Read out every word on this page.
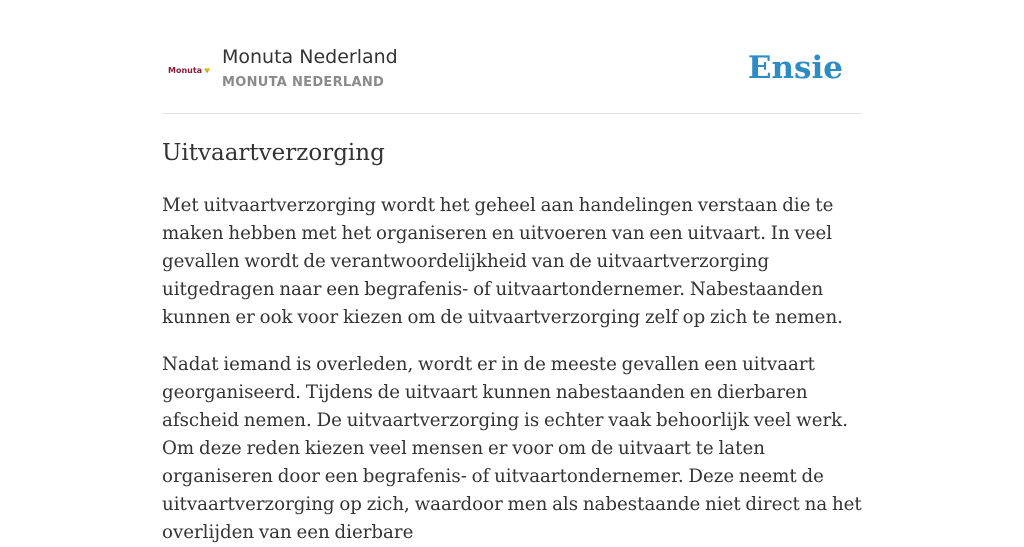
Monuta
Monuta Nederland
MONUTA NEDERLAND	Ensie
Uitvaartverzorging

Met uitvaartverzorging wordt het geheel aan handelingen verstaan die te maken hebben met het organiseren en uitvoeren van een uitvaart. In veel gevallen wordt de verantwoordelijkheid van de uitvaartverzorging uitgedragen naar een begrafenis- of uitvaartondernemer. Nabestaanden kunnen er ook voor kiezen om de uitvaartverzorging zelf op zich te nemen.

Nadat iemand is overleden, wordt er in de meeste gevallen een uitvaart georganiseerd. Tijdens de uitvaart kunnen nabestaanden en dierbaren afscheid nemen. De uitvaartverzorging is echter vaak behoorlijk veel werk. Om deze reden kiezen veel mensen er voor om de uitvaart te laten organiseren door een begrafenis- of uitvaartondernemer. Deze neemt de uitvaartverzorging op zich, waardoor men als nabestaande niet direct na het overlijden van een dierbare
